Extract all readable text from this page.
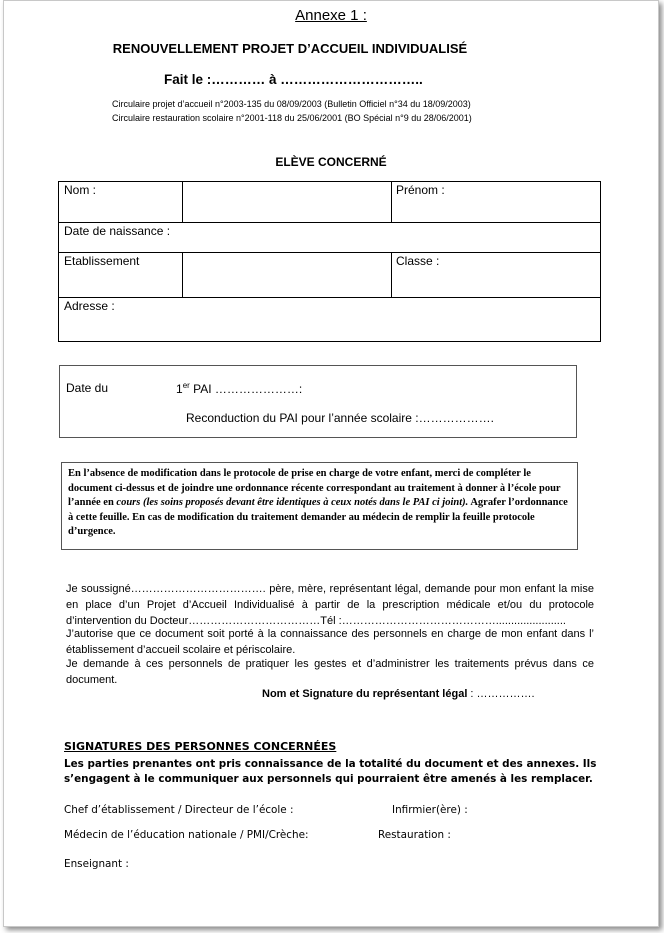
Annexe 1 :
RENOUVELLEMENT PROJET D’ACCUEIL INDIVIDUALISÉ
Fait le :………… à …………………………..
Circulaire projet d’accueil n°2003-135 du 08/09/2003 (Bulletin Officiel n°34 du 18/09/2003)
Circulaire restauration scolaire n°2001-118 du 25/06/2001 (BO Spécial n°9 du 28/06/2001)
ELÈVE CONCERNÉ
Nom :	Prénom :
Date de naissance :
Etablissement	Classe :
Adresse :
Date du	1er PAI …………………:
Reconduction du PAI pour l’année scolaire :……………….
En l’absence de modification dans le protocole de prise en charge de votre enfant, merci de compléter le document ci-dessus et de joindre une ordonnance récente correspondant au traitement à donner à l’école pour l’année en cours (les soins proposés devant être identiques à ceux notés dans le PAI ci joint). Agrafer l’ordonnance à cette feuille. En cas de modification du traitement demander au médecin de remplir la feuille protocole d’urgence.
Je soussigné………………………………. père, mère, représentant légal, demande pour mon enfant la mise en place d’un Projet d’Accueil Individualisé à partir de la prescription médicale et/ou du protocole d’intervention du Docteur………………………………Tél :…………………………………….......................
J’autorise que ce document soit porté à la connaissance des personnels en charge de mon enfant dans l’ établissement d’accueil scolaire et périscolaire.
Je demande à ces personnels de pratiquer les gestes et d’administrer les traitements prévus dans ce document.
Nom et Signature du représentant légal : …………….
SIGNATURES DES PERSONNES CONCERNÉES
Les parties prenantes ont pris connaissance de la totalité du document et des annexes. Ils s’engagent à le communiquer aux personnels qui pourraient être amenés à les remplacer.
Chef d’établissement / Directeur de l’école :	Infirmier(ère) :
Médecin de l’éducation nationale / PMI/Crèche:	Restauration :
Enseignant :
